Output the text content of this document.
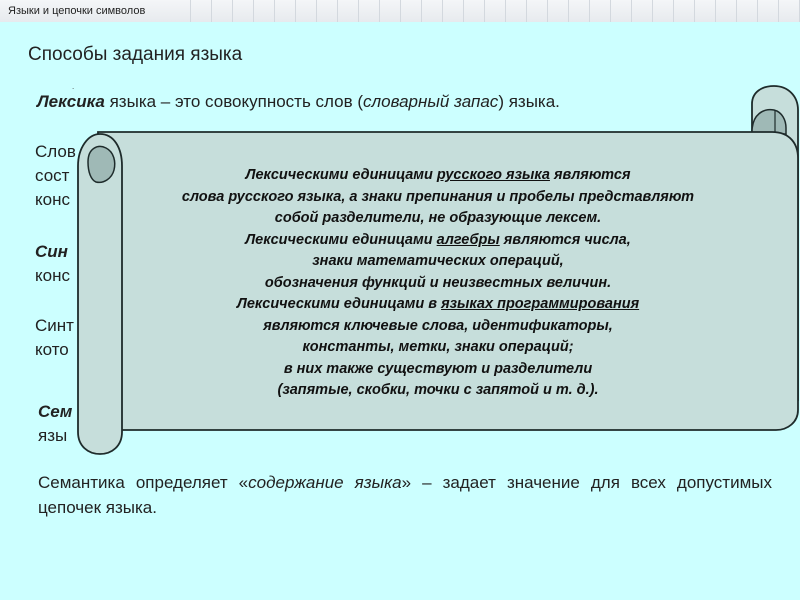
Языки и цепочки символов
Способы задания языка
.
Лексика языка – это совокупность слов (словарный запас) языка.
Слов
сост
конс
Син
конс
Синт
кото
Сем
язы
Семантика определяет «содержание языка» – задает значение для всех допустимых цепочек языка.
Лексическими единицами русского языка являются
слова русского языка, а знаки препинания и пробелы представляют
собой разделители, не образующие лексем.
Лексическими единицами алгебры являются числа,
знаки математических операций,
обозначения функций и неизвестных величин.
Лексическими единицами в языках программирования
являются ключевые слова, идентификаторы,
константы, метки, знаки операций;
в них также существуют и разделители
(запятые, скобки, точки с запятой и т. д.).
